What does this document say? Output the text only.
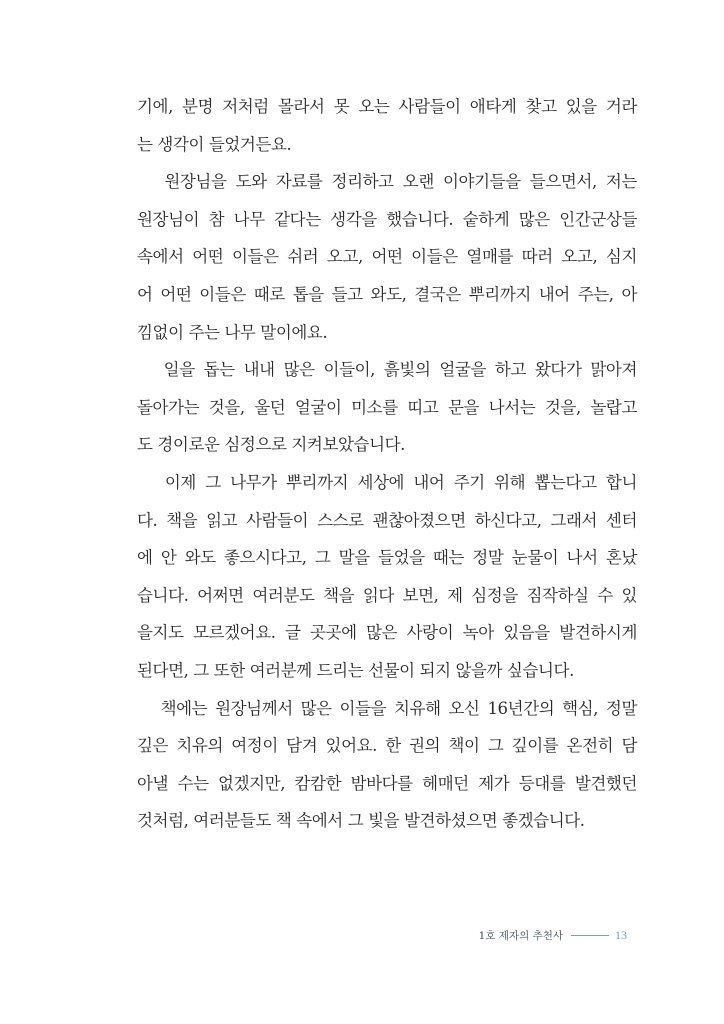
기에, 분명 저처럼 몰라서 못 오는 사람들이 애타게 찾고 있을 거라
는 생각이 들었거든요.
원장님을 도와 자료를 정리하고 오랜 이야기들을 들으면서, 저는
원장님이 참 나무 같다는 생각을 했습니다. 숱하게 많은 인간군상들
속에서 어떤 이들은 쉬러 오고, 어떤 이들은 열매를 따러 오고, 심지
어 어떤 이들은 때로 톱을 들고 와도, 결국은 뿌리까지 내어 주는, 아
낌없이 주는 나무 말이에요.
일을 돕는 내내 많은 이들이, 흙빛의 얼굴을 하고 왔다가 맑아져
돌아가는 것을, 울던 얼굴이 미소를 띠고 문을 나서는 것을, 놀랍고
도 경이로운 심정으로 지켜보았습니다.
이제 그 나무가 뿌리까지 세상에 내어 주기 위해 뽑는다고 합니
다. 책을 읽고 사람들이 스스로 괜찮아졌으면 하신다고, 그래서 센터
에 안 와도 좋으시다고, 그 말을 들었을 때는 정말 눈물이 나서 혼났
습니다. 어쩌면 여러분도 책을 읽다 보면, 제 심정을 짐작하실 수 있
을지도 모르겠어요. 글 곳곳에 많은 사랑이 녹아 있음을 발견하시게
된다면, 그 또한 여러분께 드리는 선물이 되지 않을까 싶습니다.
책에는 원장님께서 많은 이들을 치유해 오신 16년간의 핵심, 정말
깊은 치유의 여정이 담겨 있어요. 한 권의 책이 그 깊이를 온전히 담
아낼 수는 없겠지만, 캄캄한 밤바다를 헤매던 제가 등대를 발견했던
것처럼, 여러분들도 책 속에서 그 빛을 발견하셨으면 좋겠습니다.
1호 제자의 추천사	13
